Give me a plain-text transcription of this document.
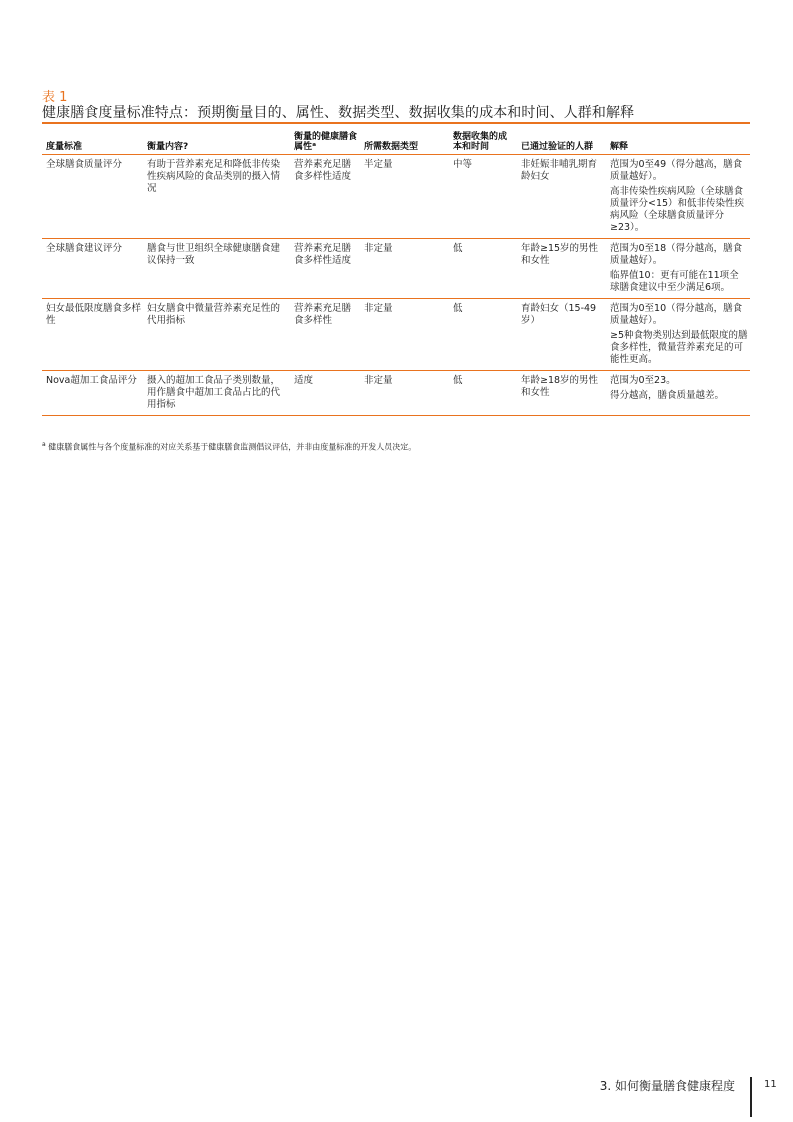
表 1
健康膳食度量标准特点：预期衡量目的、属性、数据类型、数据收集的成本和时间、人群和解释
度量标准	衡量内容?	衡量的健康膳食属性ᵃ	所需数据类型	数据收集的成本和时间	已通过验证的人群	解释
全球膳食质量评分	有助于营养素充足和降低非传染性疾病风险的食品类别的摄入情况	营养素充足膳食多样性适度	半定量	中等	非妊娠非哺乳期育龄妇女	范围为0至49（得分越高，膳食质量越好）。

高非传染性疾病风险（全球膳食质量评分<15）和低非传染性疾病风险（全球膳食质量评分≥23）。

全球膳食建议评分	膳食与世卫组织全球健康膳食建议保持一致	营养素充足膳食多样性适度	非定量	低	年龄≥15岁的男性和女性	范围为0至18（得分越高，膳食质量越好）。

临界值10：更有可能在11项全球膳食建议中至少满足6项。

妇女最低限度膳食多样性	妇女膳食中微量营养素充足性的代用指标	营养素充足膳食多样性	非定量	低	育龄妇女（15-49岁）	范围为0至10（得分越高，膳食质量越好）。

≥5种食物类别达到最低限度的膳食多样性，微量营养素充足的可能性更高。

Nova超加工食品评分	摄入的超加工食品子类别数量，用作膳食中超加工食品占比的代用指标	适度	非定量	低	年龄≥18岁的男性和女性	范围为0至23。

得分越高，膳食质量越差。

$^a$ 健康膳食属性与各个度量标准的对应关系基于健康膳食监测倡议评估，并非由度量标准的开发人员决定。
3. 如何衡量膳食健康程度	11
